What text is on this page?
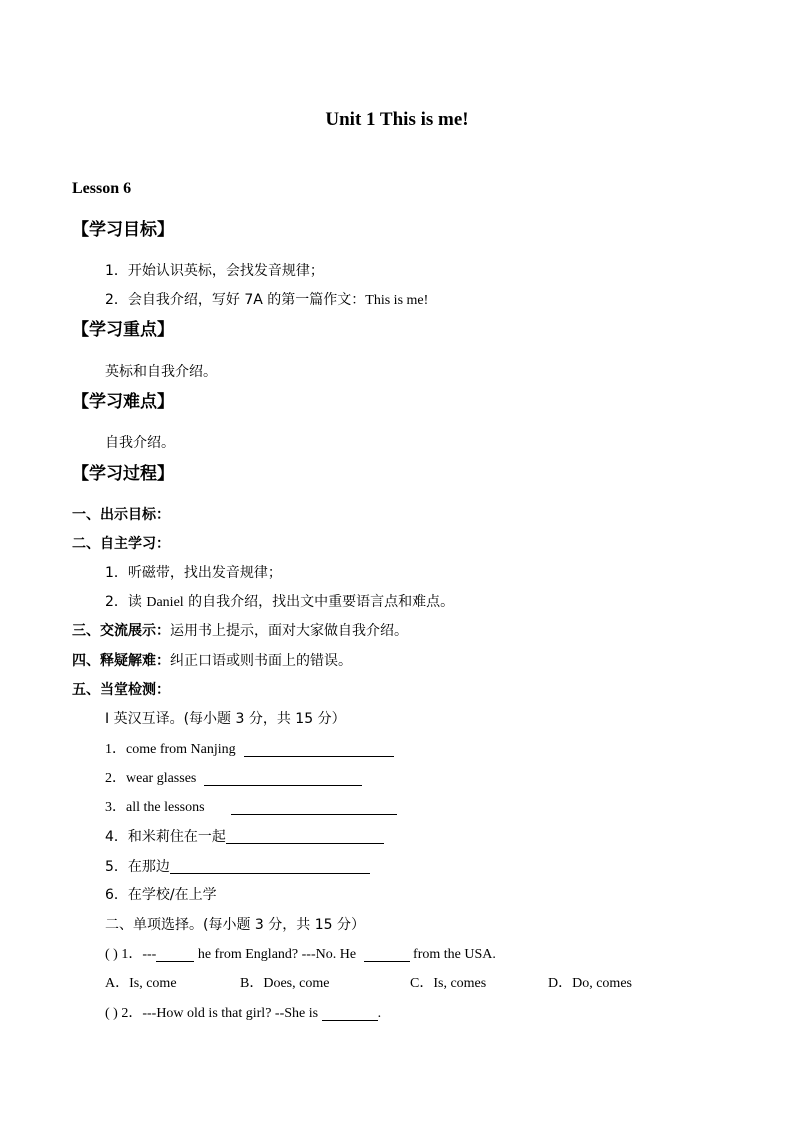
Unit 1 This is me!
Lesson 6
【学习目标】
1．开始认识英标，会找发音规律；
2．会自我介绍，写好 7A 的第一篇作文：This is me!
【学习重点】
英标和自我介绍。
【学习难点】
自我介绍。
【学习过程】
一、出示目标：
二、自主学习：
1．听磁带，找出发音规律；
2．读 Daniel 的自我介绍，找出文中重要语言点和难点。
三、交流展示：运用书上提示，面对大家做自我介绍。
四、释疑解难：纠正口语或则书面上的错误。
五、当堂检测：
I 英汉互译。(每小题 3 分，共 15 分）
1．come from Nanjing
2．wear glasses
3．all the lessons
4．和米莉住在一起
5．在那边
6．在学校/在上学
二、单项选择。(每小题 3 分，共 15 分）
( ) 1．---	he from England? ---No. He	from the USA.
A．Is, come	B．Does, come	C．Is, comes	D．Do, comes
( ) 2．---How old is that girl? --She is	.
